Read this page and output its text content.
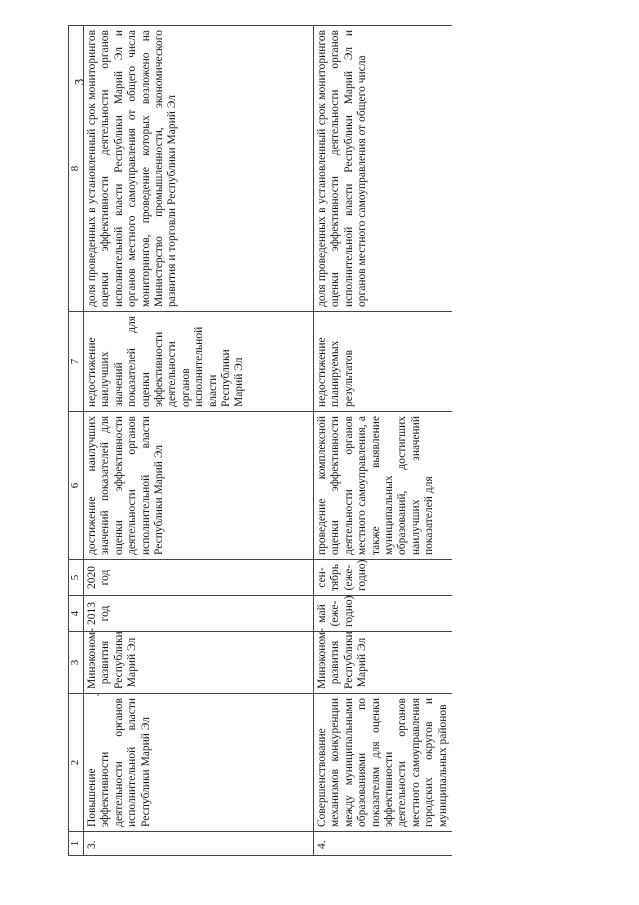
3
1	2	3	4	5	6	7	8
3.	Повышение эффективности деятельности органов исполнительной власти Республики Марий Эл	Минэконом-развития Республики Марий Эл	2013 год	2020 год	достижение наилучших значений показателей для оценки эффективности деятельности органов исполнительной власти Республики Марий Эл	недостижение наилучших значений показателей для оценки эффективности деятельности органов исполнительной власти Республики Марий Эл	доля проведенных в установленный срок мониторингов оценки эффективности деятельности органов исполнительной власти Республики Марий Эл и органов местного самоуправления от общего числа мониторингов, проведение которых возложено на Министерство промышленности, экономического развития и торговли Республики Марий Эл
4.	Совершенствование механизмов конкуренции между муниципальными образованиями по показателям для оценки эффективности деятельности органов местного самоуправления городских округов и муниципальных районов	Минэконом-развития Республики Марий Эл	май (еже-годно)	сен-тябрь (еже-годно)	проведение комплексной оценки эффективности деятельности органов местного самоуправления, а также выявление муниципальных образований, достигших наилучших значений показателей для	недостижение планируемых результатов	доля проведенных в установленный срок мониторингов оценки эффективности деятельности органов исполнительной власти Республики Марий Эл и органов местного самоуправления от общего числа
